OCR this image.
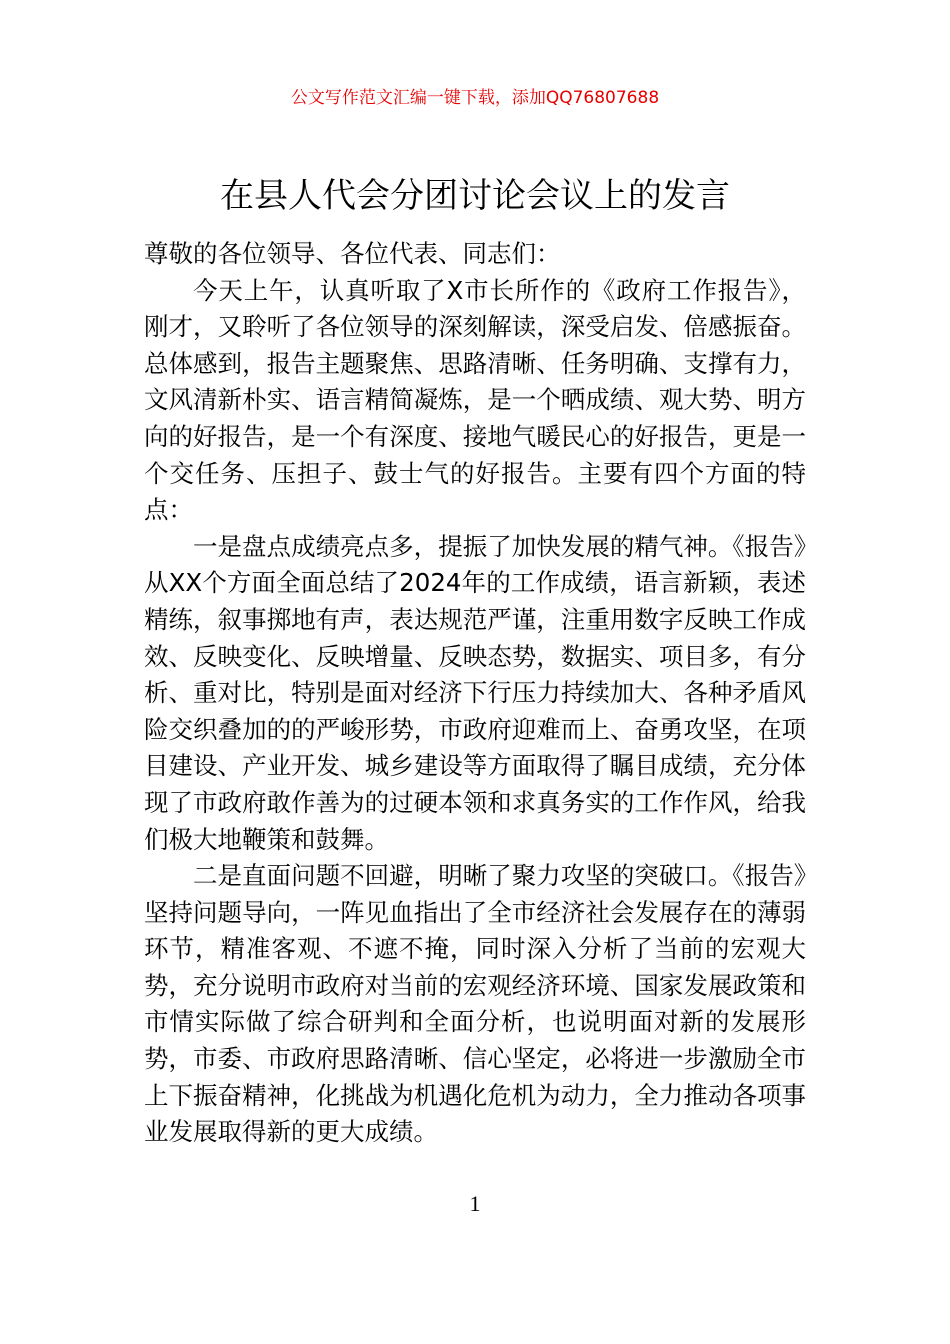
公文写作范文汇编一键下载，添加QQ76807688
在县人代会分团讨论会议上的发言

尊敬的各位领导、各位代表、同志们：

今天上午，认真听取了X市长所作的《政府工作报告》，刚才，又聆听了各位领导的深刻解读，深受启发、倍感振奋。总体感到，报告主题聚焦、思路清晰、任务明确、支撑有力，文风清新朴实、语言精简凝炼，是一个晒成绩、观大势、明方向的好报告，是一个有深度、接地气暖民心的好报告，更是一个交任务、压担子、鼓士气的好报告。主要有四个方面的特点：

一是盘点成绩亮点多，提振了加快发展的精气神。《报告》从XX个方面全面总结了2024年的工作成绩，语言新颖，表述精练，叙事掷地有声，表达规范严谨，注重用数字反映工作成效、反映变化、反映增量、反映态势，数据实、项目多，有分析、重对比，特别是面对经济下行压力持续加大、各种矛盾风险交织叠加的的严峻形势，市政府迎难而上、奋勇攻坚，在项目建设、产业开发、城乡建设等方面取得了瞩目成绩，充分体现了市政府敢作善为的过硬本领和求真务实的工作作风，给我们极大地鞭策和鼓舞。

二是直面问题不回避，明晰了聚力攻坚的突破口。《报告》坚持问题导向，一阵见血指出了全市经济社会发展存在的薄弱环节，精准客观、不遮不掩，同时深入分析了当前的宏观大势，充分说明市政府对当前的宏观经济环境、国家发展政策和市情实际做了综合研判和全面分析，也说明面对新的发展形势，市委、市政府思路清晰、信心坚定，必将进一步激励全市上下振奋精神，化挑战为机遇化危机为动力，全力推动各项事业发展取得新的更大成绩。

1
